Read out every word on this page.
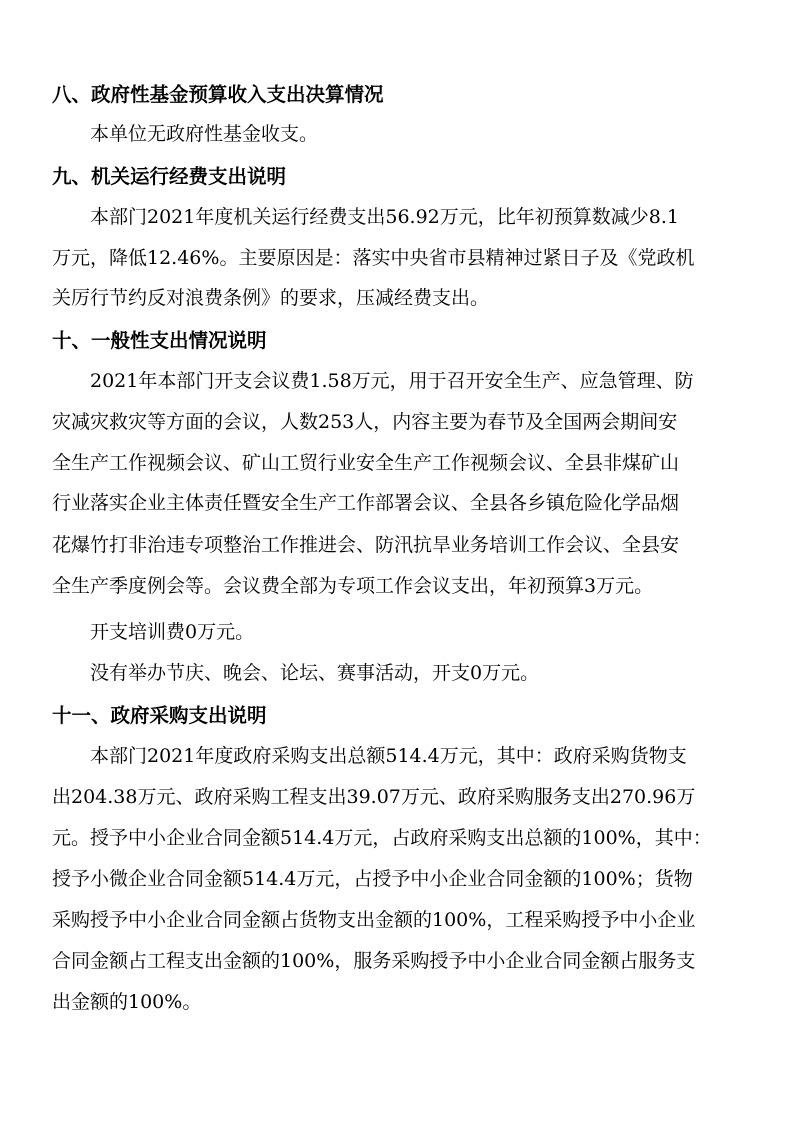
八、政府性基金预算收入支出决算情况
本单位无政府性基金收支。
九、机关运行经费支出说明
本部门2021年度机关运行经费支出56.92万元，比年初预算数减少8.1
万元，降低12.46%。主要原因是：落实中央省市县精神过紧日子及《党政机
关厉行节约反对浪费条例》的要求，压减经费支出。
十、一般性支出情况说明
2021年本部门开支会议费1.58万元，用于召开安全生产、应急管理、防
灾减灾救灾等方面的会议，人数253人，内容主要为春节及全国两会期间安
全生产工作视频会议、矿山工贸行业安全生产工作视频会议、全县非煤矿山
行业落实企业主体责任暨安全生产工作部署会议、全县各乡镇危险化学品烟
花爆竹打非治违专项整治工作推进会、防汛抗旱业务培训工作会议、全县安
全生产季度例会等。会议费全部为专项工作会议支出，年初预算3万元。
开支培训费0万元。
没有举办节庆、晚会、论坛、赛事活动，开支0万元。
十一、政府采购支出说明
本部门2021年度政府采购支出总额514.4万元，其中：政府采购货物支
出204.38万元、政府采购工程支出39.07万元、政府采购服务支出270.96万
元。授予中小企业合同金额514.4万元，占政府采购支出总额的100%，其中：
授予小微企业合同金额514.4万元，占授予中小企业合同金额的100%；货物
采购授予中小企业合同金额占货物支出金额的100%，工程采购授予中小企业
合同金额占工程支出金额的100%，服务采购授予中小企业合同金额占服务支
出金额的100%。
